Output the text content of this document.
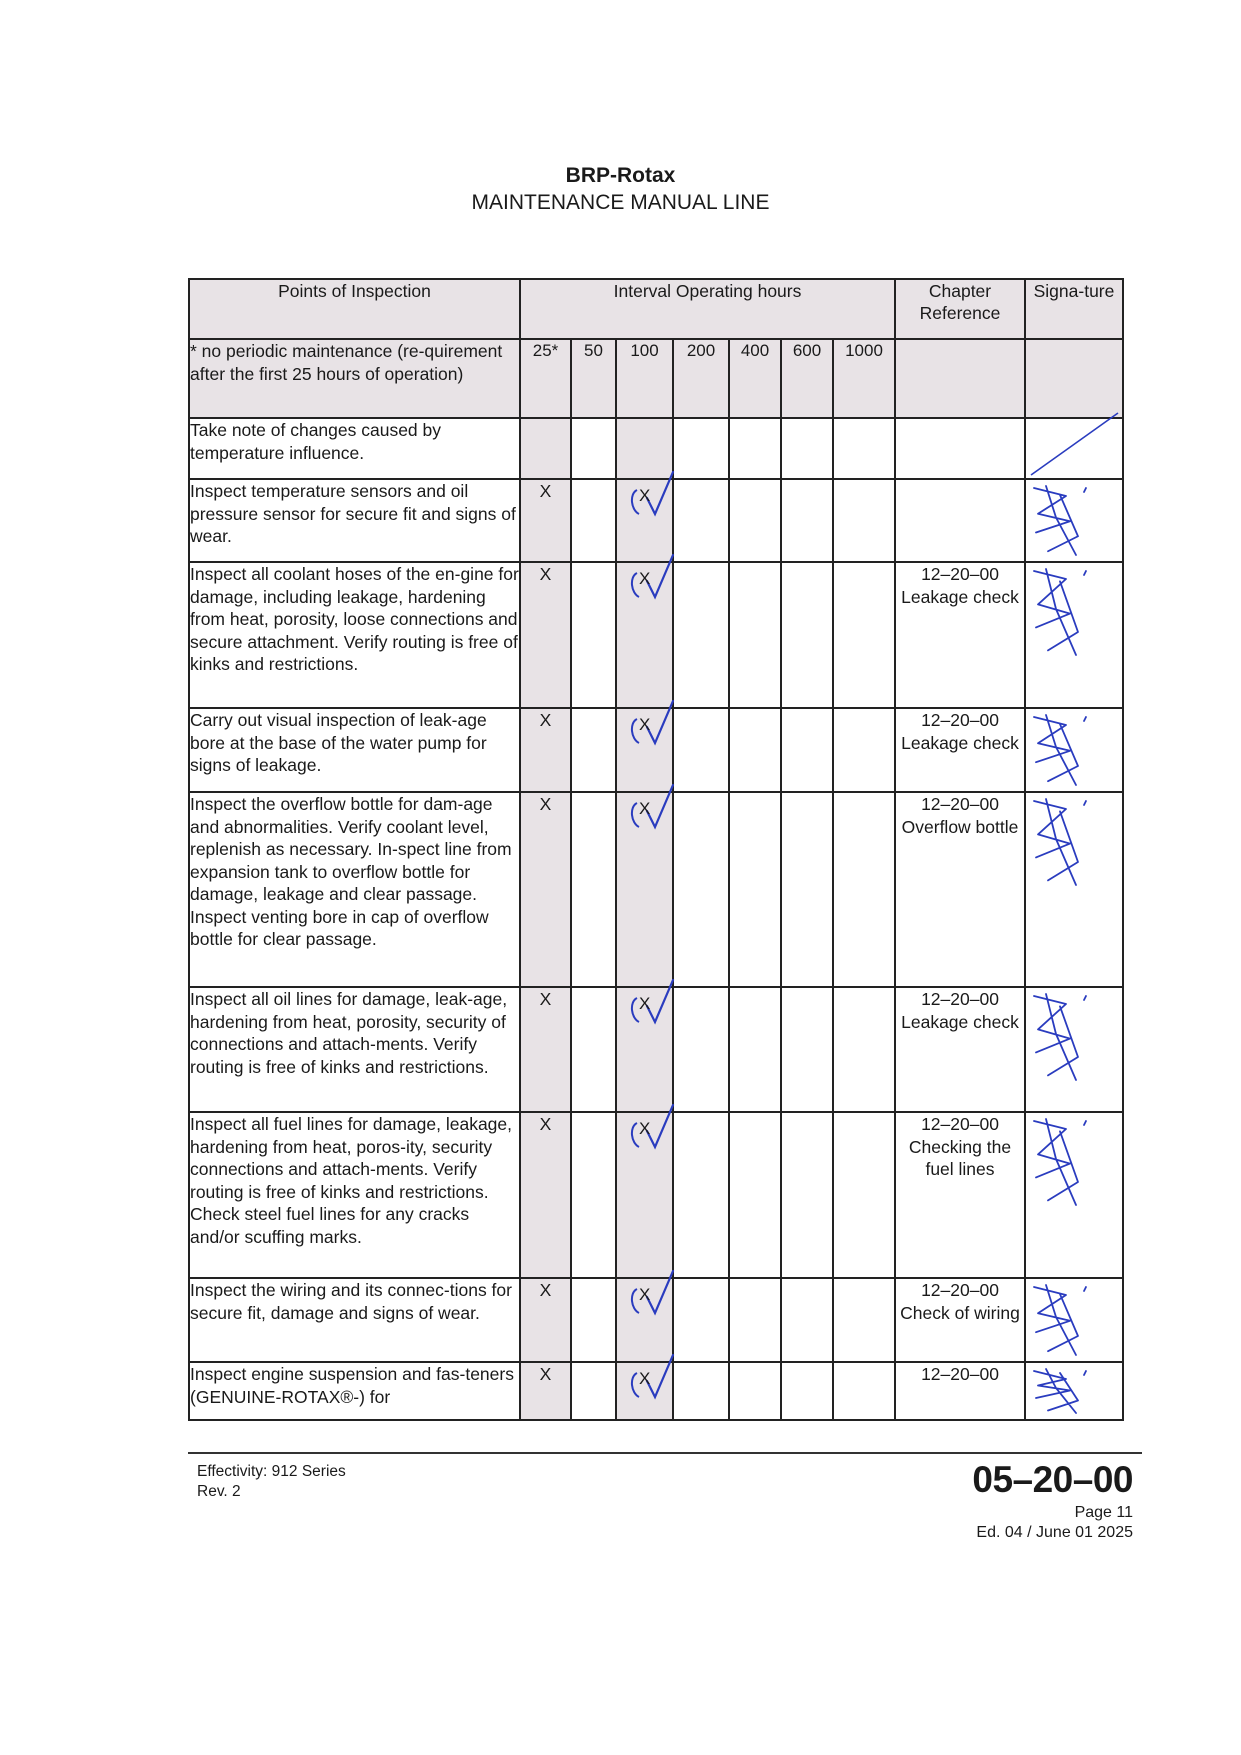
BRP-Rotax
MAINTENANCE MANUAL LINE
Points of Inspection	Interval Operating hours							Chapter Reference	Signa-ture
* no periodic maintenance (re-quirement after the first 25 hours of operation)	25*	50	100	200	400	600	1000		
Take note of changes caused by temperature influence.									

Inspect temperature sensors and oil pressure sensor for secure fit and signs of wear.	X		X

Inspect all coolant hoses of the en-gine for damage, including leakage, hardening from heat, porosity, loose connections and secure attachment. Verify routing is free of kinks and restrictions.	X		X					12–20–00 Leakage check	

Carry out visual inspection of leak-age bore at the base of the water pump for signs of leakage.	X		X					12–20–00 Leakage check	

Inspect the overflow bottle for dam-age and abnormalities. Verify coolant level, replenish as necessary. In-spect line from expansion tank to overflow bottle for damage, leakage and clear passage. Inspect venting bore in cap of overflow bottle for clear passage.	X		X					12–20–00 Overflow bottle	

Inspect all oil lines for damage, leak-age, hardening from heat, porosity, security of connections and attach-ments. Verify routing is free of kinks and restrictions.	X		X					12–20–00 Leakage check	

Inspect all fuel lines for damage, leakage, hardening from heat, poros-ity, security connections and attach-ments. Verify routing is free of kinks and restrictions. Check steel fuel lines for any cracks and/or scuffing marks.	X		X					12–20–00 Checking the fuel lines	

Inspect the wiring and its connec-tions for secure fit, damage and signs of wear.	X		X					12–20–00 Check of wiring	

Inspect engine suspension and fas-teners (GENUINE-ROTAX®-) for	X		X					12–20–00	
Effectivity: 912 Series
Rev. 2	05–20–00
Page 11
Ed. 04 / June 01 2025
